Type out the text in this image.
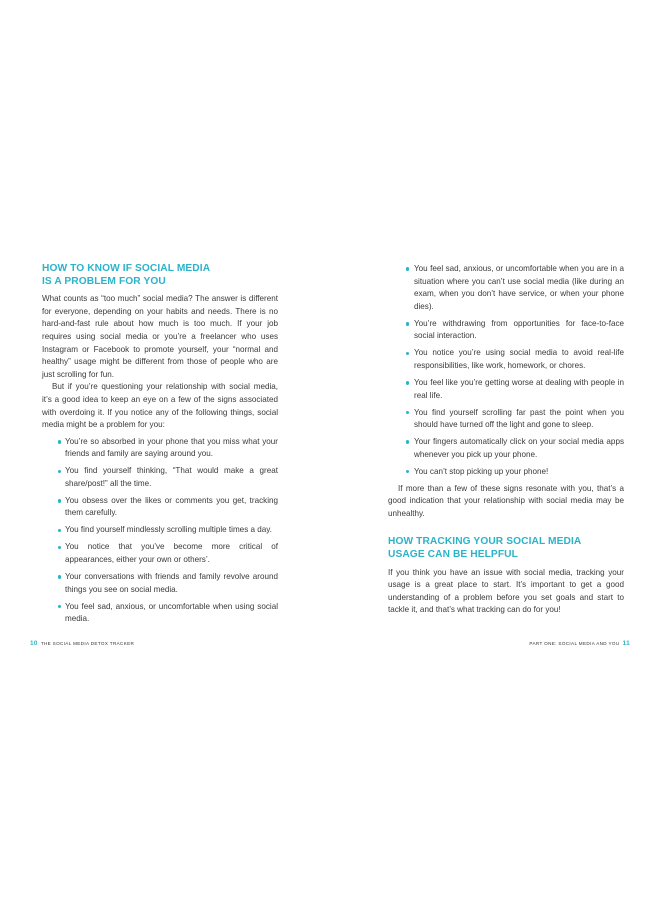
HOW TO KNOW IF SOCIAL MEDIA
IS A PROBLEM FOR YOU

What counts as “too much” social media? The answer is different for everyone, depending on your habits and needs. There is no hard-and-fast rule about how much is too much. If your job requires using social media or you’re a freelancer who uses Instagram or Facebook to promote yourself, your “normal and healthy” usage might be different from those of people who are just scrolling for fun.

But if you’re questioning your relationship with social media, it’s a good idea to keep an eye on a few of the signs associated with overdoing it. If you notice any of the following things, social media might be a problem for you:

You’re so absorbed in your phone that you miss what your friends and family are saying around you.
You find yourself thinking, “That would make a great share/post!” all the time.
You obsess over the likes or comments you get, tracking them carefully.
You find yourself mindlessly scrolling multiple times a day.
You notice that you’ve become more critical of appearances, either your own or others’.
Your conversations with friends and family revolve around things you see on social media.
You feel sad, anxious, or uncomfortable when using social media.
You feel sad, anxious, or uncomfortable when you are in a situation where you can’t use social media (like during an exam, when you don’t have service, or when your phone dies).
You’re withdrawing from opportunities for face-to-face social interaction.
You notice you’re using social media to avoid real-life responsibilities, like work, homework, or chores.
You feel like you’re getting worse at dealing with people in real life.
You find yourself scrolling far past the point when you should have turned off the light and gone to sleep.
Your fingers automatically click on your social media apps whenever you pick up your phone.
You can’t stop picking up your phone!

If more than a few of these signs resonate with you, that’s a good indication that your relationship with social media may be unhealthy.

HOW TRACKING YOUR SOCIAL MEDIA
USAGE CAN BE HELPFUL

If you think you have an issue with social media, tracking your usage is a great place to start. It’s important to get a good understanding of a problem before you set goals and start to tackle it, and that’s what tracking can do for you!

10 THE SOCIAL MEDIA DETOX TRACKER	PART ONE: SOCIAL MEDIA AND YOU 11
